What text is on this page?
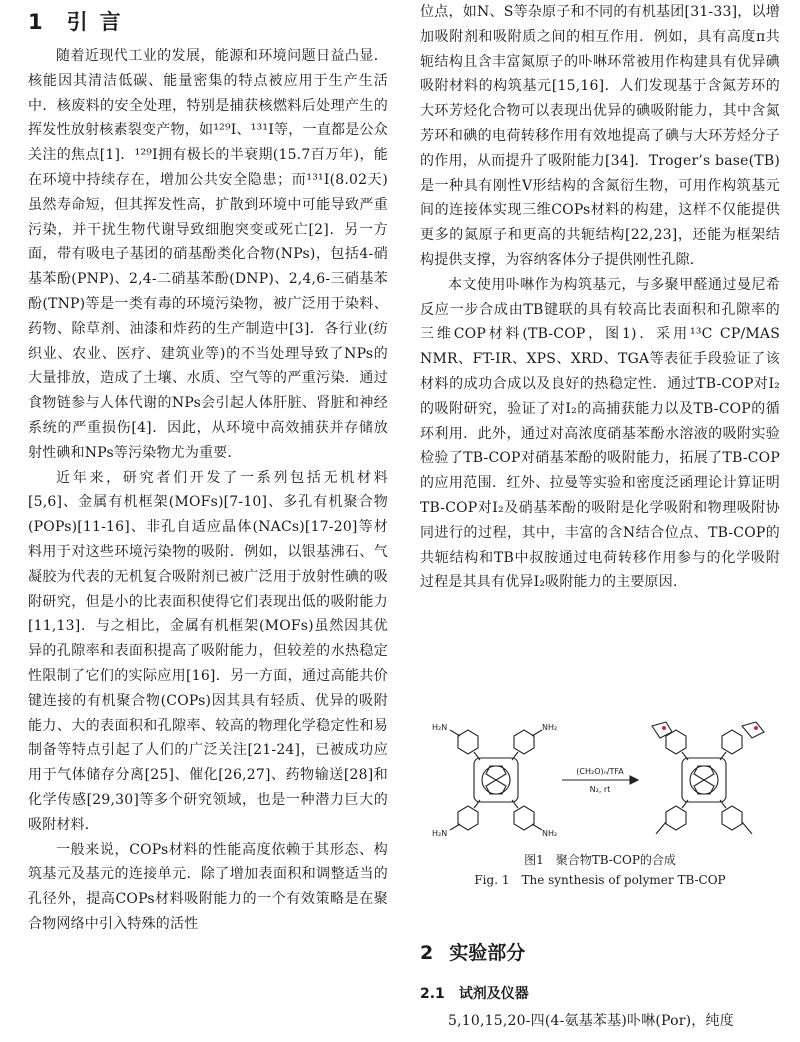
1 引言

随着近现代工业的发展，能源和环境问题日益凸显．核能因其清洁低碳、能量密集的特点被应用于生产生活中．核废料的安全处理，特别是捕获核燃料后处理产生的挥发性放射核素裂变产物，如¹²⁹I、¹³¹I等，一直都是公众关注的焦点[1]．¹²⁹I拥有极长的半衰期(15.7百万年)，能在环境中持续存在，增加公共安全隐患；而¹³¹I(8.02天)虽然寿命短，但其挥发性高，扩散到环境中可能导致严重污染，并干扰生物代谢导致细胞突变或死亡[2]．另一方面，带有吸电子基团的硝基酚类化合物(NPs)，包括4-硝基苯酚(PNP)、2,4-二硝基苯酚(DNP)、2,4,6-三硝基苯酚(TNP)等是一类有毒的环境污染物，被广泛用于染料、药物、除草剂、油漆和炸药的生产制造中[3]．各行业(纺织业、农业、医疗、建筑业等)的不当处理导致了NPs的大量排放，造成了土壤、水质、空气等的严重污染．通过食物链参与人体代谢的NPs会引起人体肝脏、肾脏和神经系统的严重损伤[4]．因此，从环境中高效捕获并存储放射性碘和NPs等污染物尤为重要．

近年来，研究者们开发了一系列包括无机材料[5,6]、金属有机框架(MOFs)[7-10]、多孔有机聚合物(POPs)[11-16]、非孔自适应晶体(NACs)[17-20]等材料用于对这些环境污染物的吸附．例如，以银基沸石、气凝胶为代表的无机复合吸附剂已被广泛用于放射性碘的吸附研究，但是小的比表面积使得它们表现出低的吸附能力[11,13]．与之相比，金属有机框架(MOFs)虽然因其优异的孔隙率和表面积提高了吸附能力，但较差的水热稳定性限制了它们的实际应用[16]．另一方面，通过高能共价键连接的有机聚合物(COPs)因其具有轻质、优异的吸附能力、大的表面积和孔隙率、较高的物理化学稳定性和易制备等特点引起了人们的广泛关注[21-24]，已被成功应用于气体储存分离[25]、催化[26,27]、药物输送[28]和化学传感[29,30]等多个研究领域，也是一种潜力巨大的吸附材料．

一般来说，COPs材料的性能高度依赖于其形态、构筑基元及基元的连接单元．除了增加表面积和调整适当的孔径外，提高COPs材料吸附能力的一个有效策略是在聚合物网络中引入特殊的活性

位点，如N、S等杂原子和不同的有机基团[31-33]，以增加吸附剂和吸附质之间的相互作用．例如，具有高度π共轭结构且含丰富氮原子的卟啉环常被用作构建具有优异碘吸附材料的构筑基元[15,16]．人们发现基于含氮芳环的大环芳烃化合物可以表现出优异的碘吸附能力，其中含氮芳环和碘的电荷转移作用有效地提高了碘与大环芳烃分子的作用，从而提升了吸附能力[34]．Troger’s base(TB)是一种具有刚性V形结构的含氮衍生物，可用作构筑基元间的连接体实现三维COPs材料的构建，这样不仅能提供更多的氮原子和更高的共轭结构[22,23]，还能为框架结构提供支撑，为容纳客体分子提供刚性孔隙．

本文使用卟啉作为构筑基元，与多聚甲醛通过曼尼希反应一步合成由TB键联的具有较高比表面积和孔隙率的三维COP材料(TB-COP，图1)．采用¹³C CP/MAS NMR、FT-IR、XPS、XRD、TGA等表征手段验证了该材料的成功合成以及良好的热稳定性．通过TB-COP对I₂的吸附研究，验证了对I₂的高捕获能力以及TB-COP的循环利用．此外，通过对高浓度硝基苯酚水溶液的吸附实验检验了TB-COP对硝基苯酚的吸附能力，拓展了TB-COP的应用范围．红外、拉曼等实验和密度泛函理论计算证明TB-COP对I₂及硝基苯酚的吸附是化学吸附和物理吸附协同进行的过程，其中，丰富的含N结合位点、TB-COP的共轭结构和TB中叔胺通过电荷转移作用参与的化学吸附过程是其具有优异I₂吸附能力的主要原因．

H₂N	NH₂
H₂N	NH₂
(CH₂O)ₙ/TFA
N₂, rt
图1　聚合物TB-COP的合成
Fig. 1　The synthesis of polymer TB-COP
2 实验部分
2.1 试剂及仪器

5,10,15,20-四(4-氨基苯基)卟啉(Por)，纯度
